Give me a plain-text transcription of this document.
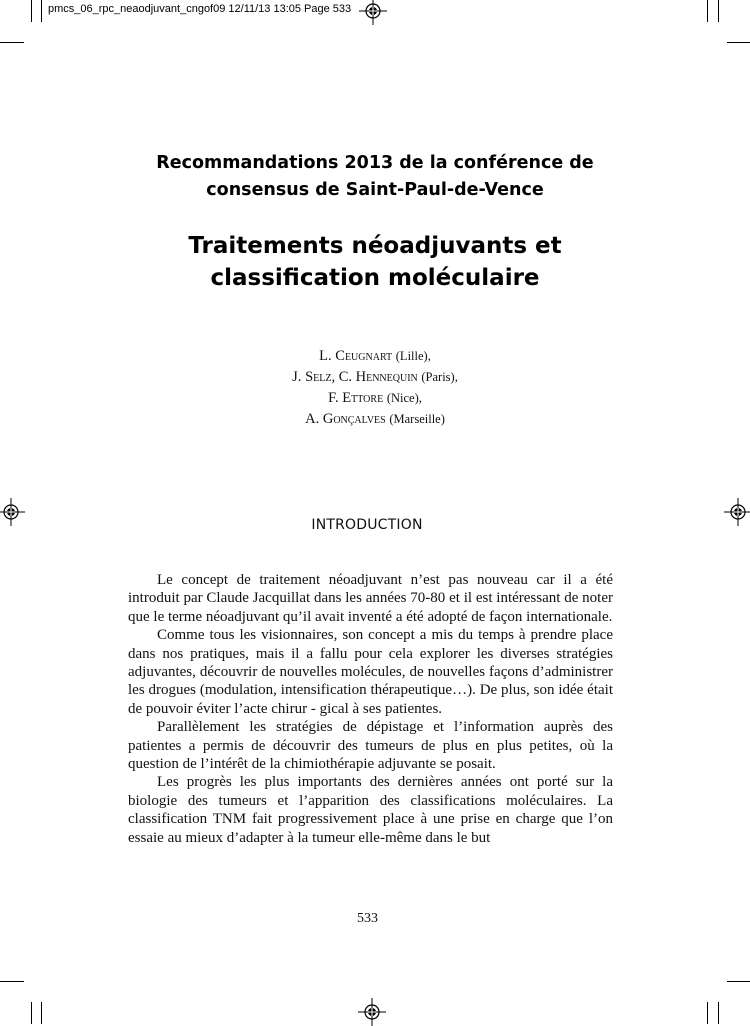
pmcs_06_rpc_neaodjuvant_cngof09 12/11/13 13:05 Page 533
Recommandations 2013 de la conférence de
consensus de Saint-Paul-de-Vence
Traitements néoadjuvants et
classification moléculaire
L. Ceugnart (Lille),
J. Selz, C. Hennequin (Paris),
F. Ettore (Nice),
A. Gonçalves (Marseille)
INTRODUCTION

Le concept de traitement néoadjuvant n’est pas nouveau car il a été introduit par Claude Jacquillat dans les années 70-80 et il est intéressant de noter que le terme néoadjuvant qu’il avait inventé a été adopté de façon internationale.

Comme tous les visionnaires, son concept a mis du temps à prendre place dans nos pratiques, mais il a fallu pour cela explorer les diverses stratégies adjuvantes, découvrir de nouvelles molécules, de nouvelles façons d’administrer les drogues (modulation, intensification thérapeutique…). De plus, son idée était de pouvoir éviter l’acte chirur - gical à ses patientes.

Parallèlement les stratégies de dépistage et l’information auprès des patientes a permis de découvrir des tumeurs de plus en plus petites, où la question de l’intérêt de la chimiothérapie adjuvante se posait.

Les progrès les plus importants des dernières années ont porté sur la biologie des tumeurs et l’apparition des classifications moléculaires. La classification TNM fait progressivement place à une prise en charge que l’on essaie au mieux d’adapter à la tumeur elle-même dans le but

533
